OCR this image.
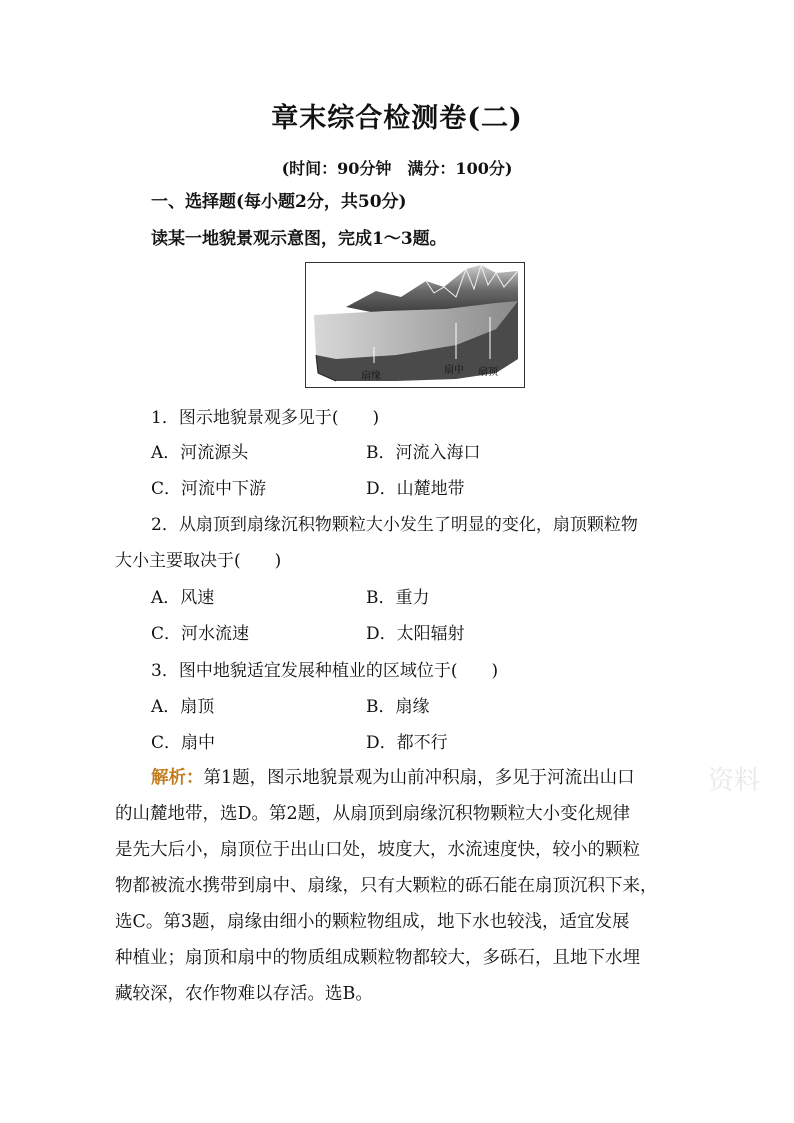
章末综合检测卷(二)
(时间：90分钟　满分：100分)
一、选择题(每小题2分，共50分)
读某一地貌景观示意图，完成1～3题。
扇缘
扇中 扇顶
1．图示地貌景观多见于(　　)
A．河流源头	B．河流入海口
C．河流中下游	D．山麓地带
2．从扇顶到扇缘沉积物颗粒大小发生了明显的变化，扇顶颗粒物
大小主要取决于(　　)
A．风速	B．重力
C．河水流速	D．太阳辐射
3．图中地貌适宜发展种植业的区域位于(　　)
A．扇顶	B．扇缘
C．扇中	D．都不行
解析：第1题，图示地貌景观为山前冲积扇，多见于河流出山口
的山麓地带，选D。第2题，从扇顶到扇缘沉积物颗粒大小变化规律
是先大后小，扇顶位于出山口处，坡度大，水流速度快，较小的颗粒
物都被流水携带到扇中、扇缘，只有大颗粒的砾石能在扇顶沉积下来，
选C。第3题，扇缘由细小的颗粒物组成，地下水也较浅，适宜发展
种植业；扇顶和扇中的物质组成颗粒物都较大，多砾石，且地下水埋
藏较深，农作物难以存活。选B。
资料
